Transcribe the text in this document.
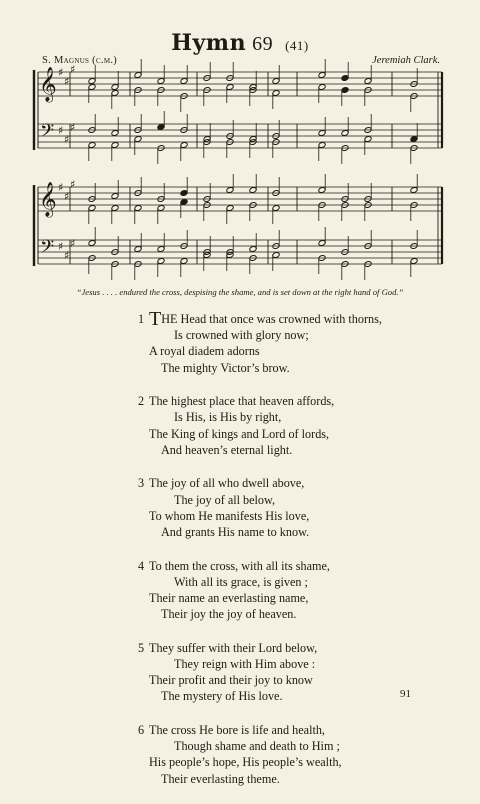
Hymn 69 (41)
S. Magnus (c.m.)	Jeremiah Clark.
𝄞
𝄢
♯
♯
♯
♯
♯
♯
𝄞
𝄢
♯
♯
♯
♯
♯
♯
“Jesus . . . . endured the cross, despising the shame, and is set down at the right hand of God.”
1 THE Head that once was crowned with thorns,
Is crowned with glory now;
A royal diadem adorns
The mighty Victor’s brow.
2 The highest place that heaven affords,
Is His, is His by right,
The King of kings and Lord of lords,
And heaven’s eternal light.
3 The joy of all who dwell above,
The joy of all below,
To whom He manifests His love,
And grants His name to know.
4 To them the cross, with all its shame,
With all its grace, is given ;
Their name an everlasting name,
Their joy the joy of heaven.
5 They suffer with their Lord below,
They reign with Him above :
Their profit and their joy to know
The mystery of His love.
6 The cross He bore is life and health,
Though shame and death to Him ;
His people’s hope, His people’s wealth,
Their everlasting theme.
91
